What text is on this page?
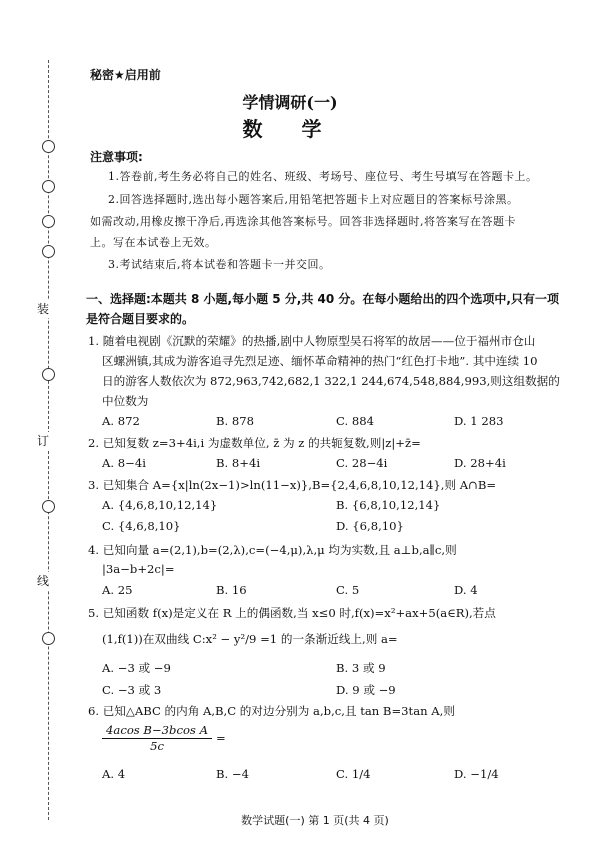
装
订
线
秘密★启用前
学情调研(一)
数 学
注意事项:
1.答卷前,考生务必将自己的姓名、班级、考场号、座位号、考生号填写在答题卡上。
2.回答选择题时,选出每小题答案后,用铅笔把答题卡上对应题目的答案标号涂黑。
如需改动,用橡皮擦干净后,再选涂其他答案标号。回答非选择题时,将答案写在答题卡
上。写在本试卷上无效。
3.考试结束后,将本试卷和答题卡一并交回。
一、选择题:本题共 8 小题,每小题 5 分,共 40 分。在每小题给出的四个选项中,只有一项
是符合题目要求的。
1. 随着电视剧《沉默的荣耀》的热播,剧中人物原型吴石将军的故居——位于福州市仓山
区螺洲镇,其成为游客追寻先烈足迹、缅怀革命精神的热门“红色打卡地”. 其中连续 10
日的游客人数依次为 872,963,742,682,1 322,1 244,674,548,884,993,则这组数据的
中位数为
A. 872	B. 878	C. 884	D. 1 283
2. 已知复数 z=3+4i,i 为虚数单位, z̄ 为 z 的共轭复数,则|z|+z̄=
A. 8−4i	B. 8+4i	C. 28−4i	D. 28+4i
3. 已知集合 A={x|ln(2x−1)>ln(11−x)},B={2,4,6,8,10,12,14},则 A∩B=
A. {4,6,8,10,12,14}	B. {6,8,10,12,14}
C. {4,6,8,10}	D. {6,8,10}
4. 已知向量 a=(2,1),b=(2,λ),c=(−4,μ),λ,μ 均为实数,且 a⊥b,a∥c,则
|3a−b+2c|=
A. 25	B. 16	C. 5	D. 4
5. 已知函数 f(x)是定义在 R 上的偶函数,当 x≤0 时,f(x)=x²+ax+5(a∈R),若点
(1,f(1))在双曲线 C:x² − y²/9 =1 的一条渐近线上,则 a=
A. −3 或 −9	B. 3 或 9
C. −3 或 3	D. 9 或 −9
6. 已知△ABC 的内角 A,B,C 的对边分别为 a,b,c,且 tan B=3tan A,则
$\frac{\text{4acos B−3bcos A}}{5c}$ =
A. 4	B. −4	C. 1/4	D. −1/4
数学试题(一) 第 1 页(共 4 页)
